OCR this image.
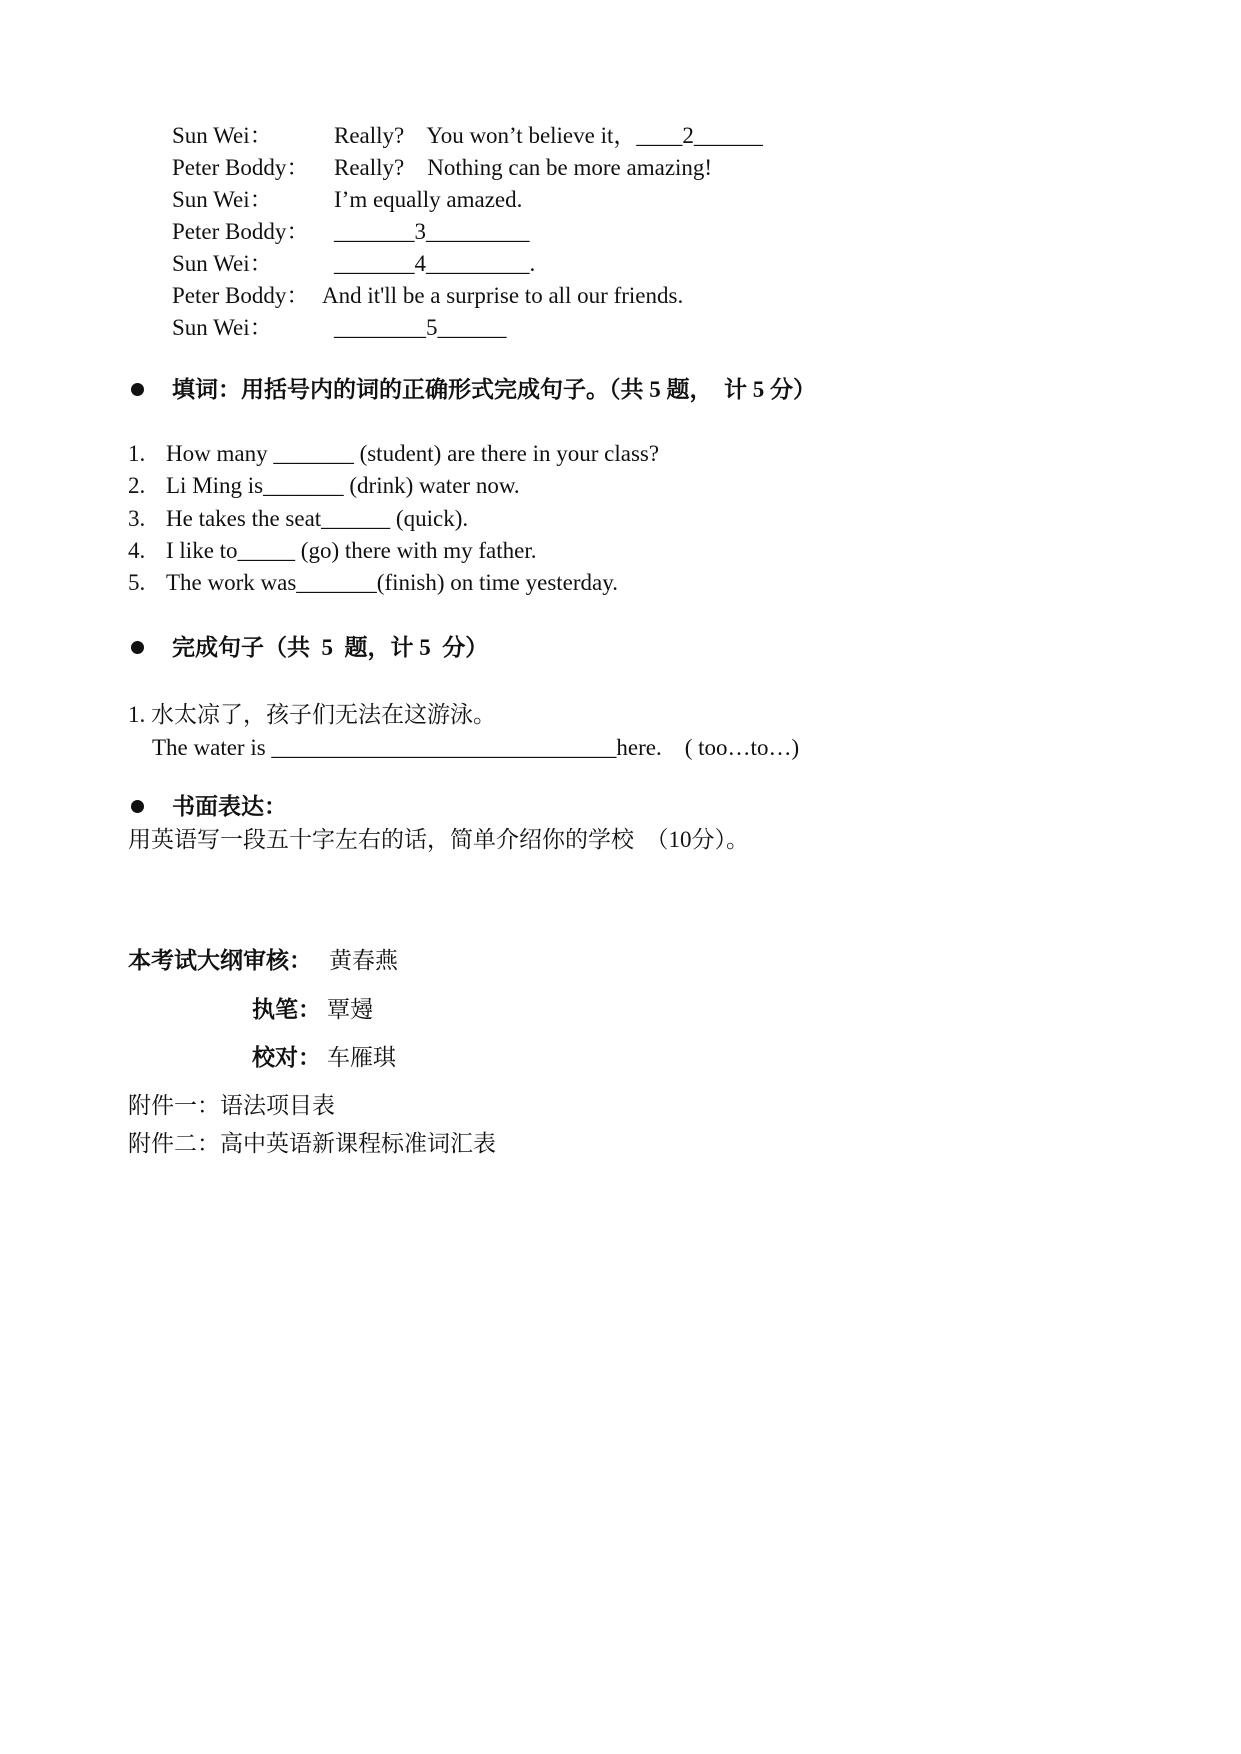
Sun Wei：	Really?    You won’t believe it，____2______
Peter Boddy： Really?    Nothing can be more amazing!
Sun Wei：	I’m equally amazed.
Peter Boddy： _______3_________
Sun Wei：	_______4_________.
Peter Boddy： And it'll be a surprise to all our friends.
Sun Wei：	________5______
填词：用括号内的词的正确形式完成句子。（共 5 题，  计 5 分）
1. How many _______ (student) are there in your class?
2. Li Ming is_______ (drink) water now.
3. He takes the seat______ (quick).
4. I like to_____ (go) there with my father.
5. The work was_______(finish) on time yesterday.
完成句子（共  5  题，计 5  分）
1. 水太凉了，孩子们无法在这游泳。
The water is ______________________________here.    ( too…to…)
书面表达：
用英语写一段五十字左右的话，简单介绍你的学校  （10分）。
本考试大纲审核： 黄春燕
执笔： 覃攳
校对： 车雁琪
附件一：语法项目表
附件二：高中英语新课程标准词汇表
